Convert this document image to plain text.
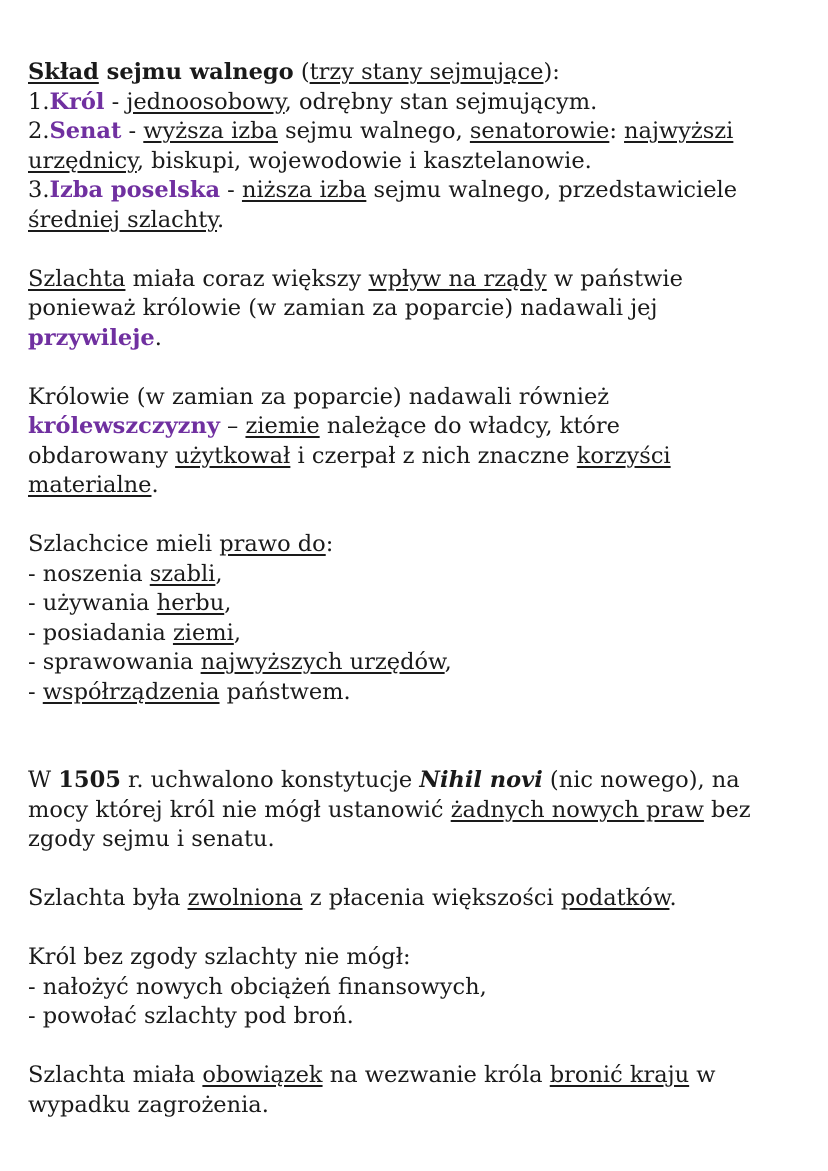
Skład sejmu walnego (trzy stany sejmujące):
1.Król - jednoosobowy, odrębny stan sejmującym.
2.Senat - wyższa izba sejmu walnego, senatorowie: najwyższi
urzędnicy, biskupi, wojewodowie i kasztelanowie.
3.Izba poselska - niższa izba sejmu walnego, przedstawiciele
średniej szlachty.
Szlachta miała coraz większy wpływ na rządy w państwie
ponieważ królowie (w zamian za poparcie) nadawali jej
przywileje.
Królowie (w zamian za poparcie) nadawali również
królewszczyzny – ziemie należące do władcy, które
obdarowany użytkował i czerpał z nich znaczne korzyści
materialne.
Szlachcice mieli prawo do:
- noszenia szabli,
- używania herbu,
- posiadania ziemi,
- sprawowania najwyższych urzędów,
- współrządzenia państwem.
W 1505 r. uchwalono konstytucje Nihil novi (nic nowego), na
mocy której król nie mógł ustanowić żadnych nowych praw bez
zgody sejmu i senatu.
Szlachta była zwolniona z płacenia większości podatków.
Król bez zgody szlachty nie mógł:
- nałożyć nowych obciążeń finansowych,
- powołać szlachty pod broń.
Szlachta miała obowiązek na wezwanie króla bronić kraju w
wypadku zagrożenia.
